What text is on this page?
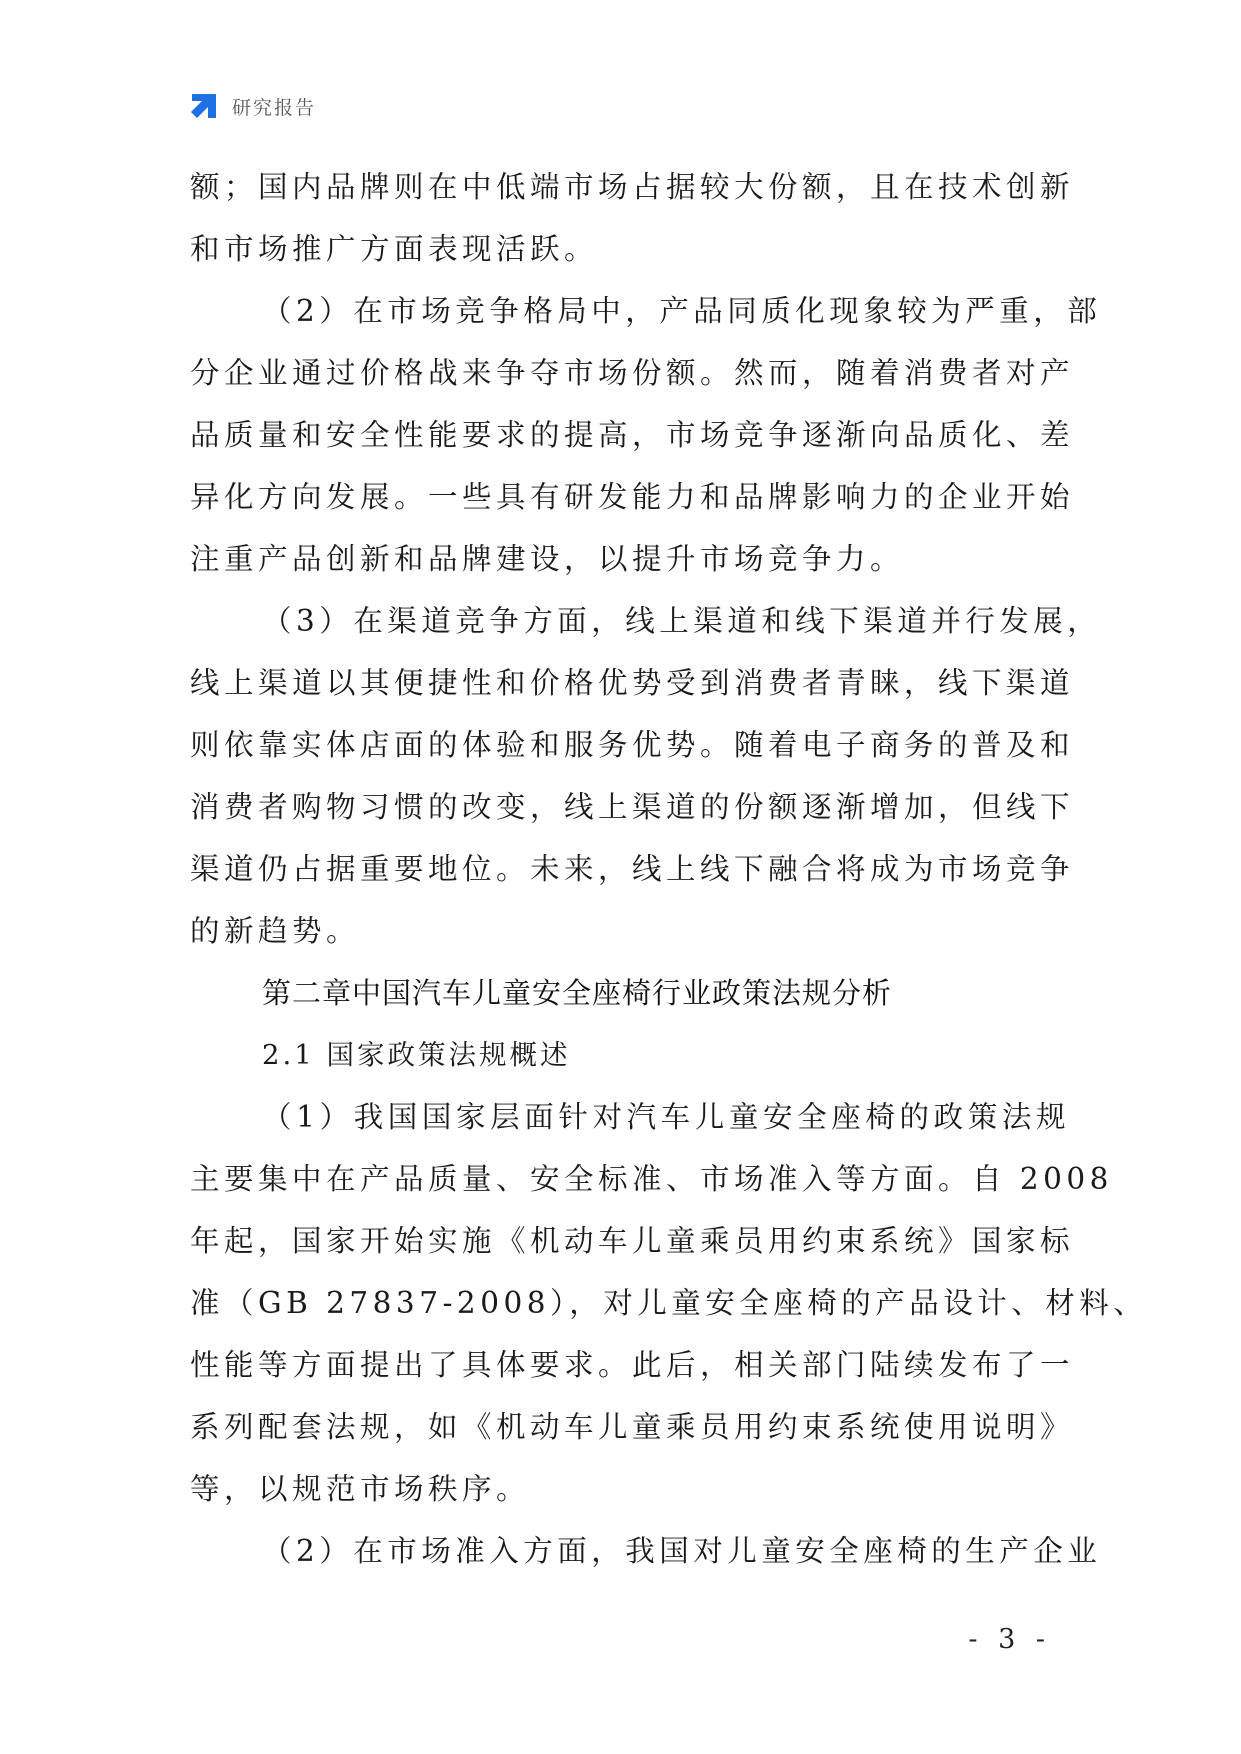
研究报告
额；国内品牌则在中低端市场占据较大份额，且在技术创新
和市场推广方面表现活跃。
（2）在市场竞争格局中，产品同质化现象较为严重，部
分企业通过价格战来争夺市场份额。然而，随着消费者对产
品质量和安全性能要求的提高，市场竞争逐渐向品质化、差
异化方向发展。一些具有研发能力和品牌影响力的企业开始
注重产品创新和品牌建设，以提升市场竞争力。
（3）在渠道竞争方面，线上渠道和线下渠道并行发展，
线上渠道以其便捷性和价格优势受到消费者青睐，线下渠道
则依靠实体店面的体验和服务优势。随着电子商务的普及和
消费者购物习惯的改变，线上渠道的份额逐渐增加，但线下
渠道仍占据重要地位。未来，线上线下融合将成为市场竞争
的新趋势。
第二章中国汽车儿童安全座椅行业政策法规分析
2.1 国家政策法规概述
（1）我国国家层面针对汽车儿童安全座椅的政策法规
主要集中在产品质量、安全标准、市场准入等方面。自 2008
年起，国家开始实施《机动车儿童乘员用约束系统》国家标
准（GB 27837-2008），对儿童安全座椅的产品设计、材料、
性能等方面提出了具体要求。此后，相关部门陆续发布了一
系列配套法规，如《机动车儿童乘员用约束系统使用说明》
等，以规范市场秩序。
（2）在市场准入方面，我国对儿童安全座椅的生产企业
- 3 -
